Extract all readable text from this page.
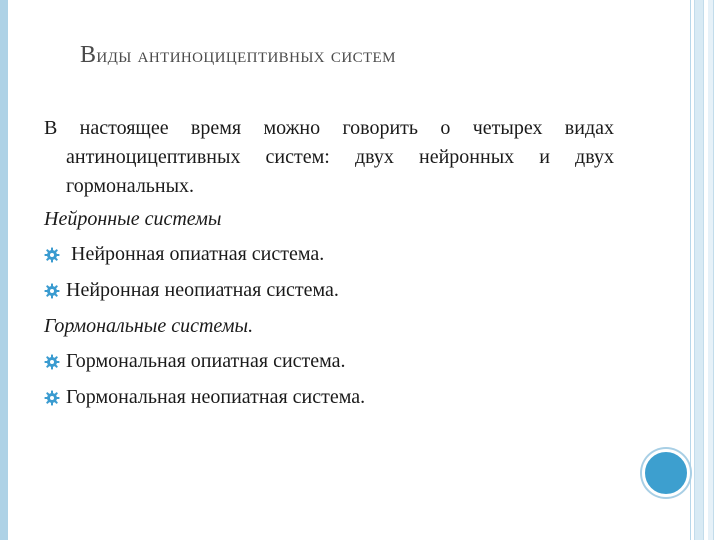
Виды антиноцицептивных систем

В настоящее время можно говорить о четырех видах антиноцицептивных систем: двух нейронных и двух гормональных.

Нейронные системы
Нейронная опиатная система.
Нейронная неопиатная система.
Гормональные системы.
Гормональная опиатная система.
Гормональная неопиатная система.
